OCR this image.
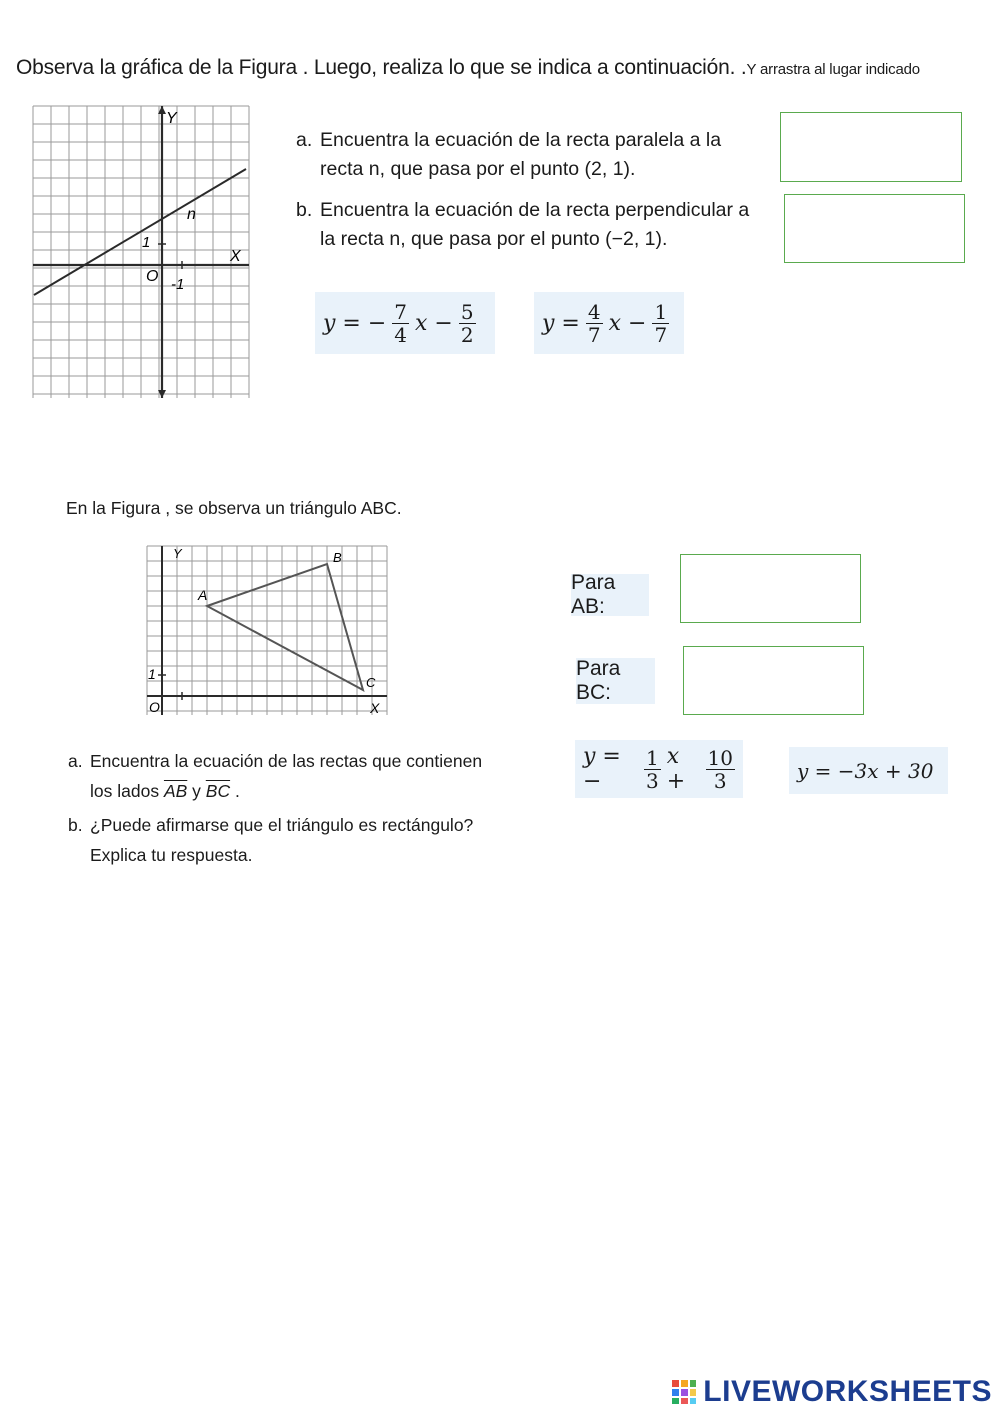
Observa la gráfica de la Figura . Luego, realiza lo que se indica a continuación. .Y arrastra al lugar indicado
Y
X
n
1
-1
O
a. Encuentra la ecuación de la recta paralela a la
recta n, que pasa por el punto (2, 1).
b. Encuentra la ecuación de la recta perpendicular a
la recta n, que pasa por el punto (−2, 1).
y = − $\frac{7}{4}$ $x - \frac{5}{2}$	$y = \frac{4}{7}$ $x - \frac{1}{7}$
En la Figura , se observa un triángulo ABC.
Y
X
A
B
C
1
O
Para AB:
Para BC:
a. Encuentra la ecuación de las rectas que contienen
los lados $\overline{AB}$ y $\overline{BC}$ .
b. ¿Puede afirmarse que el triángulo es rectángulo?
Explica tu respuesta.
y = −	$\frac{1}{3}$ x +	$\frac{10}{3}$	y = −3x + 30
LIVEWORKSHEETS
